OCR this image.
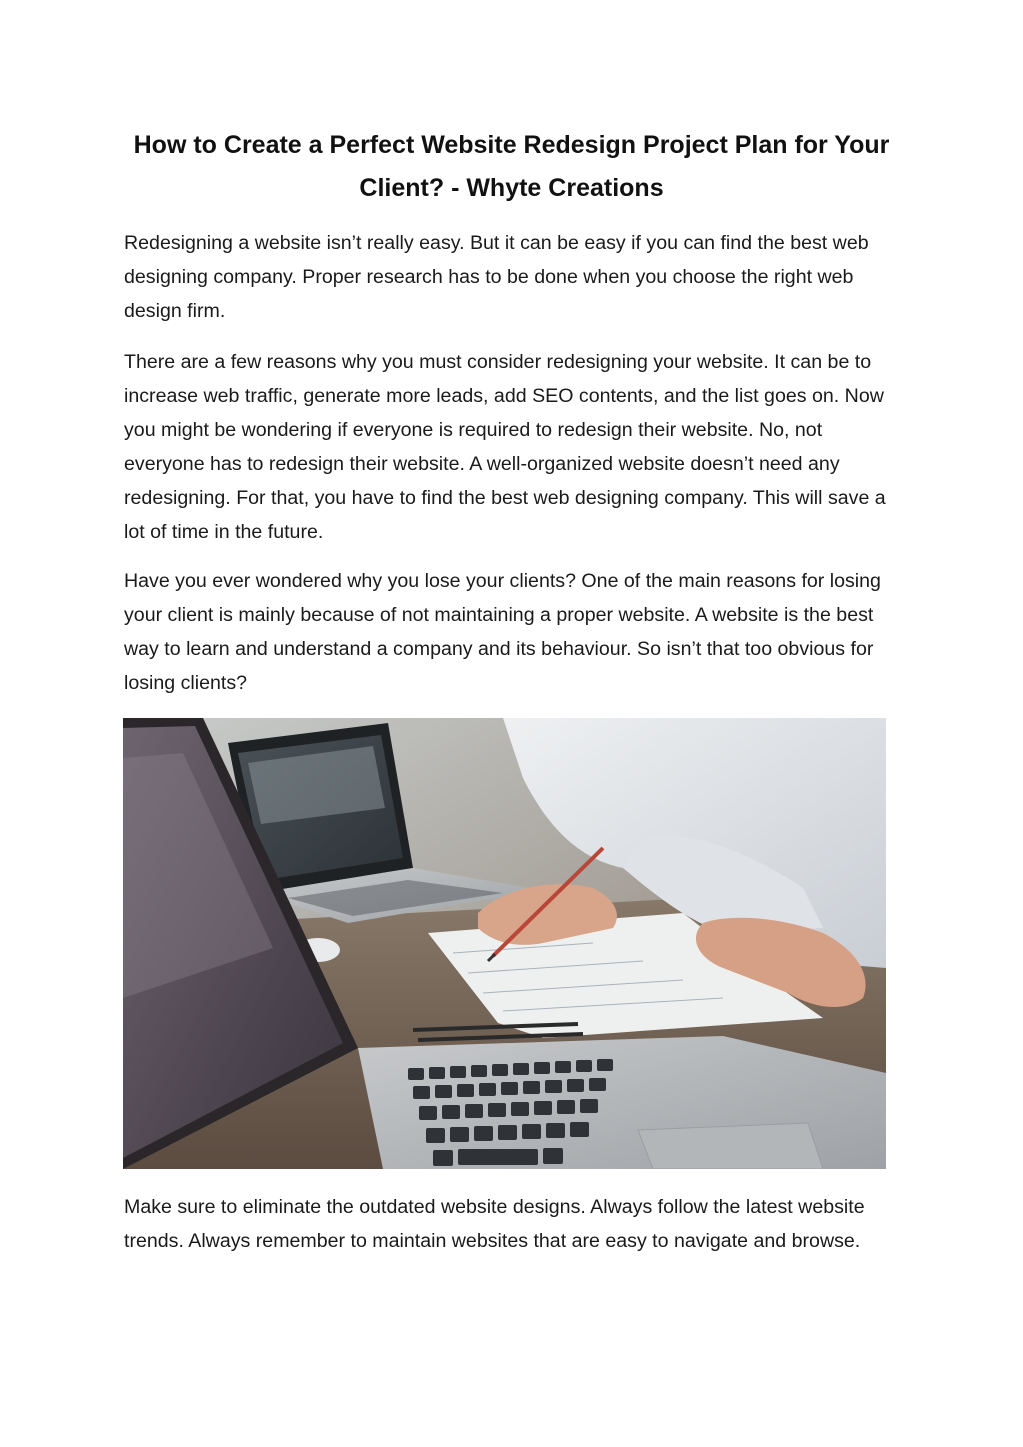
How to Create a Perfect Website Redesign Project Plan for Your Client? - Whyte Creations

Redesigning a website isn’t really easy. But it can be easy if you can find the best web designing company. Proper research has to be done when you choose the right web design firm.

There are a few reasons why you must consider redesigning your website. It can be to increase web traffic, generate more leads, add SEO contents, and the list goes on. Now you might be wondering if everyone is required to redesign their website. No, not everyone has to redesign their website. A well-organized website doesn’t need any redesigning. For that, you have to find the best web designing company. This will save a lot of time in the future.

Have you ever wondered why you lose your clients? One of the main reasons for losing your client is mainly because of not maintaining a proper website. A website is the best way to learn and understand a company and its behaviour. So isn’t that too obvious for losing clients?

Make sure to eliminate the outdated website designs. Always follow the latest website trends. Always remember to maintain websites that are easy to navigate and browse.
